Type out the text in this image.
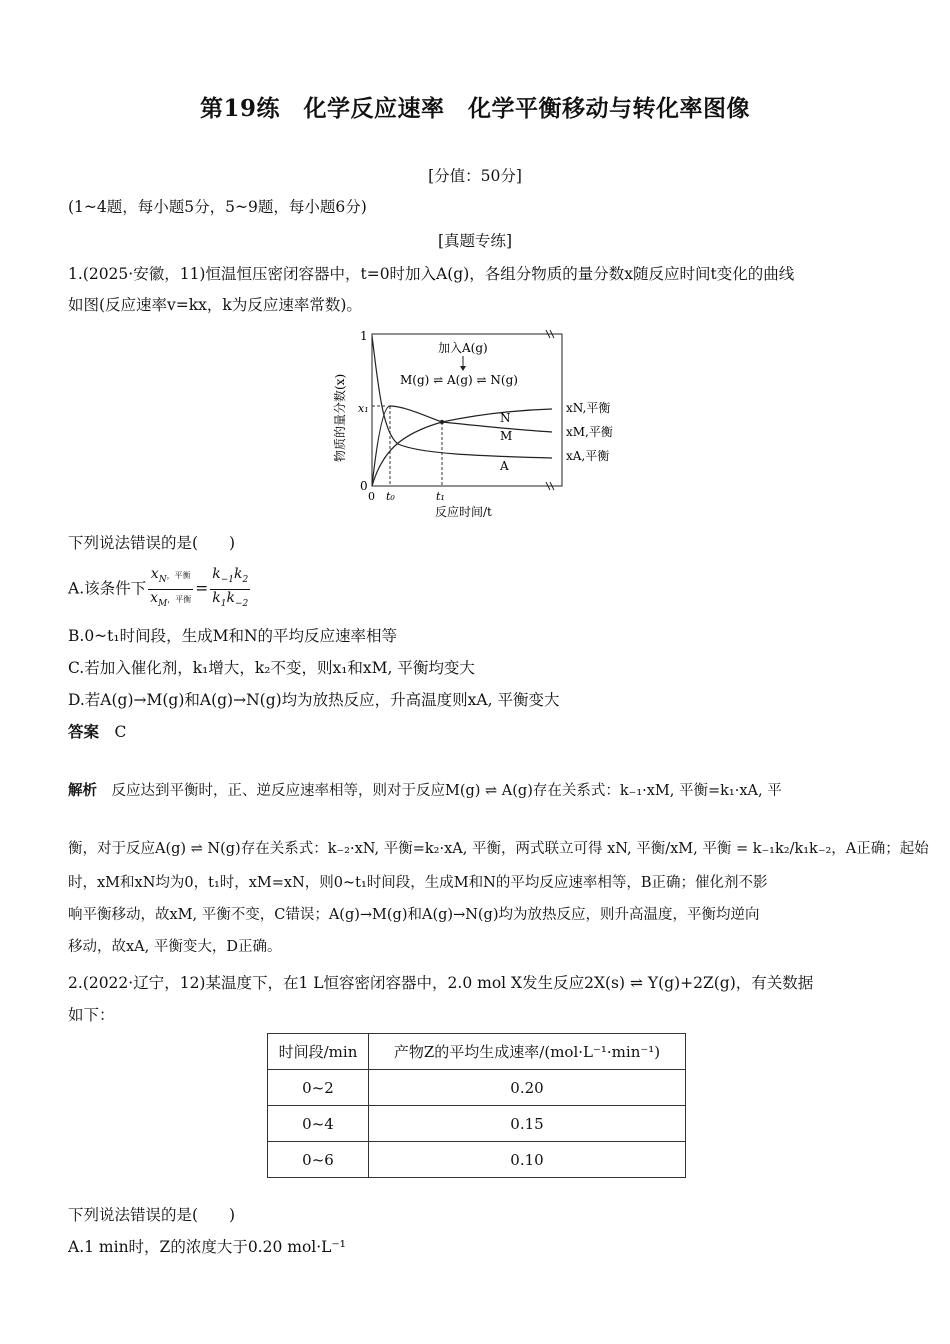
第19练　化学反应速率　化学平衡移动与转化率图像
[分值：50分]
(1~4题，每小题5分，5~9题，每小题6分)
[真题专练]
1.(2025·安徽，11)恒温恒压密闭容器中，t=0时加入A(g)，各组分物质的量分数x随反应时间t变化的曲线
如图(反应速率v=kx，k为反应速率常数)。
1
x₁
0
0 t₀	t₁
N
M
A
xN,平衡
xM,平衡
xA,平衡
加入A(g)
M(g) ⇌ A(g) ⇌ N(g)
反应时间/t
物质的量分数(x)
下列说法错误的是(　　)
A.该条件下 $\frac{x_N,平衡}{x_M,平衡} = \frac{k_{-1}k_2}{k_1k_{-2}}$
B.0~t₁时间段，生成M和N的平均反应速率相等
C.若加入催化剂，k₁增大，k₂不变，则x₁和xM, 平衡均变大
D.若A(g)→M(g)和A(g)→N(g)均为放热反应，升高温度则xA, 平衡变大
答案　 C
解析　 反应达到平衡时，正、逆反应速率相等，则对于反应M(g) ⇌ A(g)存在关系式：k₋₁·xM, 平衡=k₁·xA, 平
衡，对于反应A(g) ⇌ N(g)存在关系式：k₋₂·xN, 平衡=k₂·xA, 平衡，两式联立可得 xN, 平衡/xM, 平衡 = k₋₁k₂/k₁k₋₂，A正确；起始
时，xM和xN均为0，t₁时，xM=xN，则0~t₁时间段，生成M和N的平均反应速率相等，B正确；催化剂不影
响平衡移动，故xM, 平衡不变，C错误；A(g)→M(g)和A(g)→N(g)均为放热反应，则升高温度，平衡均逆向
移动，故xA, 平衡变大，D正确。
2.(2022·辽宁，12)某温度下，在1 L恒容密闭容器中，2.0 mol X发生反应2X(s) ⇌ Y(g)+2Z(g)，有关数据
如下：
时间段/min	产物Z的平均生成速率/(mol·L⁻¹·min⁻¹)
0~2	0.20
0~4	0.15
0~6	0.10
下列说法错误的是(　　)
A.1 min时，Z的浓度大于0.20 mol·L⁻¹
